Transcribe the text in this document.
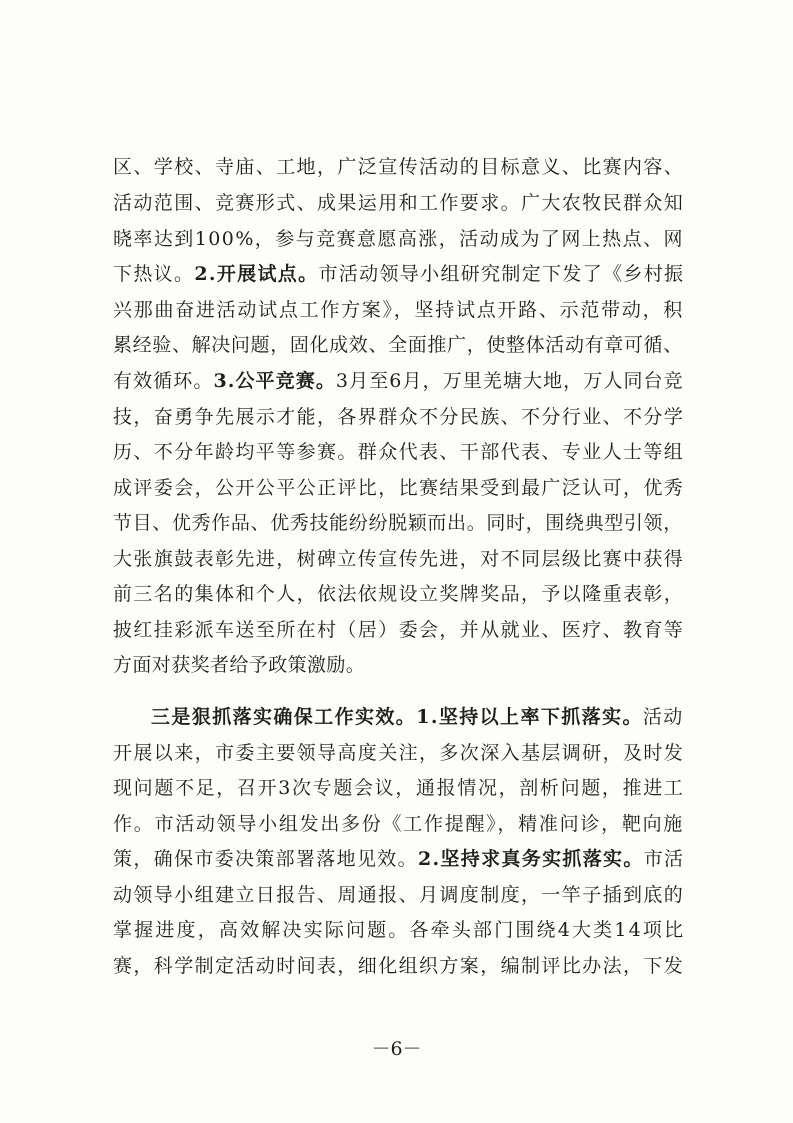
区、学校、寺庙、工地，广泛宣传活动的目标意义、比赛内容、
活动范围、竞赛形式、成果运用和工作要求。广大农牧民群众知
晓率达到100%，参与竞赛意愿高涨，活动成为了网上热点、网
下热议。2.开展试点。市活动领导小组研究制定下发了《乡村振
兴那曲奋进活动试点工作方案》，坚持试点开路、示范带动，积
累经验、解决问题，固化成效、全面推广，使整体活动有章可循、
有效循环。3.公平竞赛。3月至6月，万里羌塘大地，万人同台竞
技，奋勇争先展示才能，各界群众不分民族、不分行业、不分学
历、不分年龄均平等参赛。群众代表、干部代表、专业人士等组
成评委会，公开公平公正评比，比赛结果受到最广泛认可，优秀
节目、优秀作品、优秀技能纷纷脱颖而出。同时，围绕典型引领，
大张旗鼓表彰先进，树碑立传宣传先进，对不同层级比赛中获得
前三名的集体和个人，依法依规设立奖牌奖品，予以隆重表彰，
披红挂彩派车送至所在村（居）委会，并从就业、医疗、教育等
方面对获奖者给予政策激励。
三是狠抓落实确保工作实效。1.坚持以上率下抓落实。活动
开展以来，市委主要领导高度关注，多次深入基层调研，及时发
现问题不足，召开3次专题会议，通报情况，剖析问题，推进工
作。市活动领导小组发出多份《工作提醒》，精准问诊，靶向施
策，确保市委决策部署落地见效。2.坚持求真务实抓落实。市活
动领导小组建立日报告、周通报、月调度制度，一竿子插到底的
掌握进度，高效解决实际问题。各牵头部门围绕4大类14项比
赛，科学制定活动时间表，细化组织方案，编制评比办法，下发
－6－
